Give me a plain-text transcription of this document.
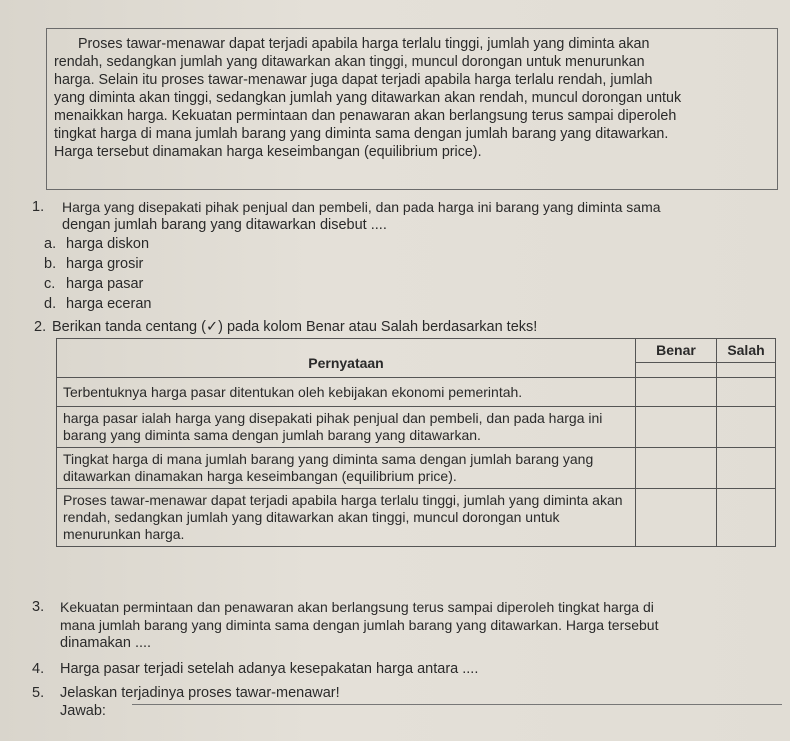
Proses tawar-menawar dapat terjadi apabila harga terlalu tinggi, jumlah yang diminta akan
rendah, sedangkan jumlah yang ditawarkan akan tinggi, muncul dorongan untuk menurunkan
harga. Selain itu proses tawar-menawar juga dapat terjadi apabila harga terlalu rendah, jumlah
yang diminta akan tinggi, sedangkan jumlah yang ditawarkan akan rendah, muncul dorongan untuk
menaikkan harga. Kekuatan permintaan dan penawaran akan berlangsung terus sampai diperoleh
tingkat harga di mana jumlah barang yang diminta sama dengan jumlah barang yang ditawarkan.
Harga tersebut dinamakan harga keseimbangan (equilibrium price).
1. Harga yang disepakati pihak penjual dan pembeli, dan pada harga ini barang yang diminta sama
dengan jumlah barang yang ditawarkan disebut ....
a. harga diskon
b. harga grosir
c. harga pasar
d. harga eceran
2. Berikan tanda centang (✓) pada kolom Benar atau Salah berdasarkan teks!
Pernyataan	Benar	Salah

Terbentuknya harga pasar ditentukan oleh kebijakan ekonomi pemerintah.		
harga pasar ialah harga yang disepakati pihak penjual dan pembeli, dan pada harga ini barang yang diminta sama dengan jumlah barang yang ditawarkan.		
Tingkat harga di mana jumlah barang yang diminta sama dengan jumlah barang yang ditawarkan dinamakan harga keseimbangan (equilibrium price).		
Proses tawar-menawar dapat terjadi apabila harga terlalu tinggi, jumlah yang diminta akan rendah, sedangkan jumlah yang ditawarkan akan tinggi, muncul dorongan untuk menurunkan harga.		
3. Kekuatan permintaan dan penawaran akan berlangsung terus sampai diperoleh tingkat harga di
mana jumlah barang yang diminta sama dengan jumlah barang yang ditawarkan. Harga tersebut
dinamakan ....
4. Harga pasar terjadi setelah adanya kesepakatan harga antara ....
5. Jelaskan terjadinya proses tawar-menawar!
Jawab:
